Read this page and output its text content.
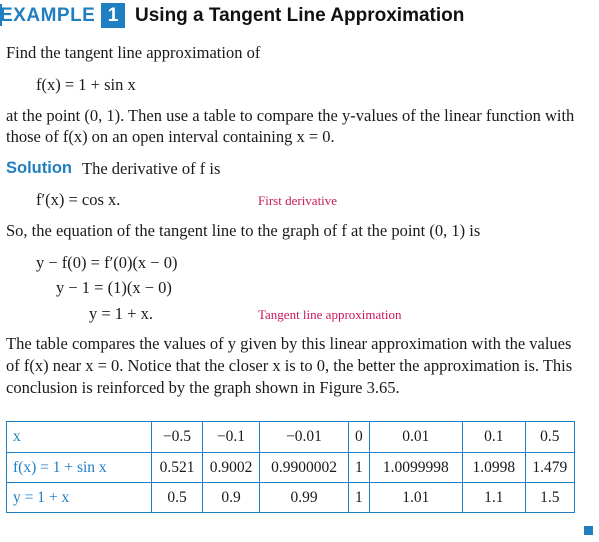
EXAMPLE 1 Using a Tangent Line Approximation
Find the tangent line approximation of
f(x) = 1 + sin x
at the point (0, 1). Then use a table to compare the y-values of the linear function with
those of f(x) on an open interval containing x = 0.
Solution The derivative of f is
f′(x) = cos x.	First derivative
So, the equation of the tangent line to the graph of f at the point (0, 1) is
y − f(0) = f′(0)(x − 0)
y − 1 = (1)(x − 0)
y = 1 + x.	Tangent line approximation
The table compares the values of y given by this linear approximation with the values
of f(x) near x = 0. Notice that the closer x is to 0, the better the approximation is. This
conclusion is reinforced by the graph shown in Figure 3.65.
x	−0.5	−0.1	−0.01	0	0.01	0.1	0.5
f(x) = 1 + sin x	0.521	0.9002	0.9900002	1	1.0099998	1.0998	1.479
y = 1 + x	0.5	0.9	0.99	1	1.01	1.1	1.5
